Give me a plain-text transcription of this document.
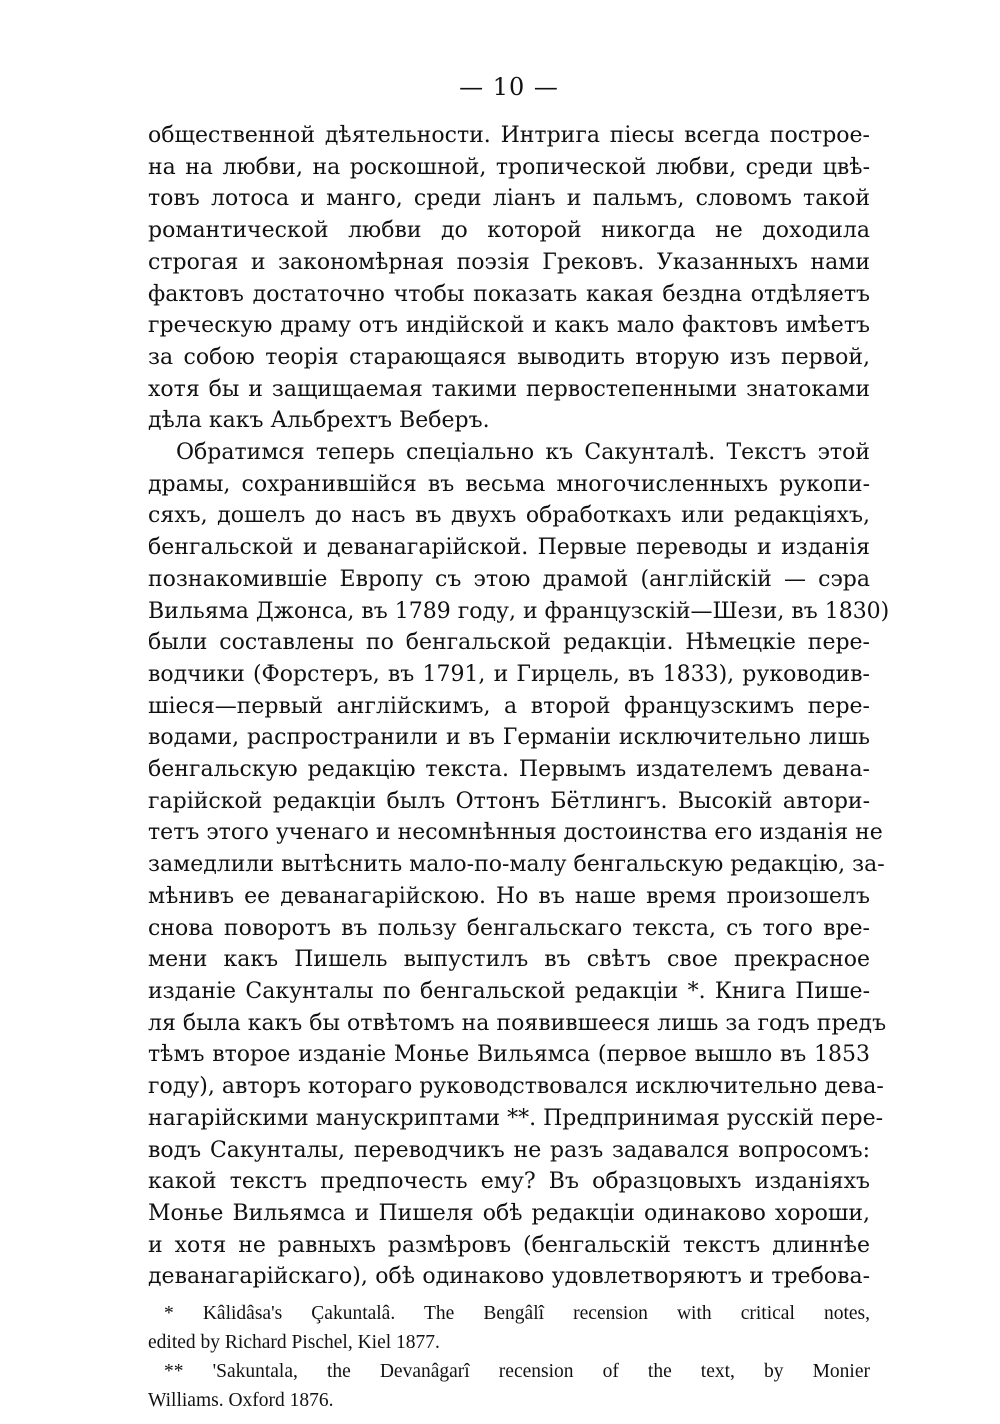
— 10 —
общественной дѣятельности. Интрига піесы всегда построе-
на на любви, на роскошной, тропической любви, среди цвѣ-
товъ лотоса и манго, среди ліанъ и пальмъ, словомъ такой
романтической любви до которой никогда не доходила
строгая и закономѣрная поэзія Грековъ. Указанныхъ нами
фактовъ достаточно чтобы показать какая бездна отдѣляетъ
греческую драму отъ индійской и какъ мало фактовъ имѣетъ
за собою теорія старающаяся выводить вторую изъ первой,
хотя бы и защищаемая такими первостепенными знатоками
дѣла какъ Альбрехтъ Веберъ.
Обратимся теперь спеціально къ Сакунталѣ. Текстъ этой
драмы, сохранившійся въ весьма многочисленныхъ рукопи-
сяхъ, дошелъ до насъ въ двухъ обработкахъ или редакціяхъ,
бенгальской и деванагарійской. Первые переводы и изданія
познакомившіе Европу съ этою драмой (англійскій — сэра
Вильяма Джонса, въ 1789 году, и французскій—Шези, въ 1830)
были составлены по бенгальской редакціи. Нѣмецкіе пере-
водчики (Форстеръ, въ 1791, и Гирцель, въ 1833), руководив-
шіеся—первый англійскимъ, а второй французскимъ пере-
водами, распространили и въ Германіи исключительно лишь
бенгальскую редакцію текста. Первымъ издателемъ деванa-
гарійской редакціи былъ Оттонъ Бётлингъ. Высокій автори-
тетъ этого ученаго и несомнѣнныя достоинства его изданія не
замедлили вытѣснить мало-по-малу бенгальскую редакцію, за-
мѣнивъ ее деванагарійскою. Но въ наше время произошелъ
снова поворотъ въ пользу бенгальскаго текста, съ того вре-
мени какъ Пишель выпустилъ въ свѣтъ свое прекрасное
изданіе Сакунталы по бенгальской редакціи *. Книга Пише-
ля была какъ бы отвѣтомъ на появившееся лишь за годъ предъ
тѣмъ второе изданіе Монье Вильямса (первое вышло въ 1853
году), авторъ котораго руководствовался исключительно дева-
нагарійскими манускриптами **. Предпринимая русскій пере-
водъ Сакунталы, переводчикъ не разъ задавался вопросомъ:
какой текстъ предпочесть ему? Въ образцовыхъ изданіяхъ
Монье Вильямса и Пишеля обѣ редакціи одинаково хороши,
и хотя не равныхъ размѣровъ (бенгальскій текстъ длиннѣе
деванагарійскаго), обѣ одинаково удовлетворяютъ и требова-
* Kâlidâsa's Çakuntalâ. The Bengâlî recension with critical notes,
edited by Richard Pischel, Kiel 1877.
** 'Sakuntala, the Devanâgarî recension of the text, by Monier
Williams. Oxford 1876.
